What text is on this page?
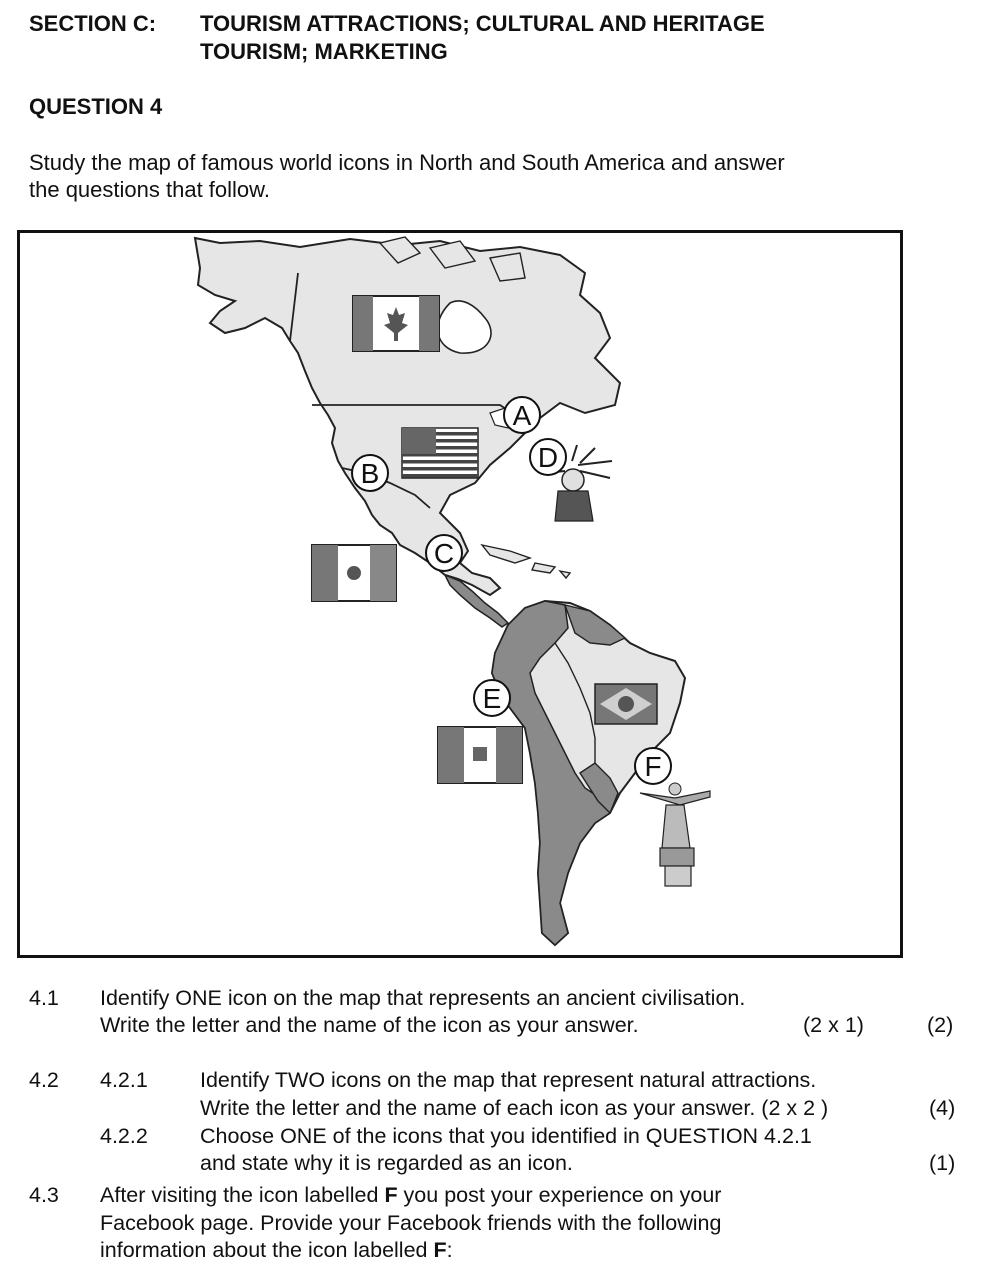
SECTION C: TOURISM ATTRACTIONS; CULTURAL AND HERITAGE
TOURISM; MARKETING
QUESTION 4
Study the map of famous world icons in North and South America and answer
the questions that follow.
A
B
C
D
E
F
4.1 Identify ONE icon on the map that represents an ancient civilisation.
Write the letter and the name of the icon as your answer.	(2 x 1)	(2)
4.2 4.2.1 Identify TWO icons on the map that represent natural attractions.
Write the letter and the name of each icon as your answer. (2 x 2 )	(4)
4.2.2 Choose ONE of the icons that you identified in QUESTION 4.2.1
and state why it is regarded as an icon.	(1)
4.3 After visiting the icon labelled F you post your experience on your
Facebook page. Provide your Facebook friends with the following
information about the icon labelled F:
